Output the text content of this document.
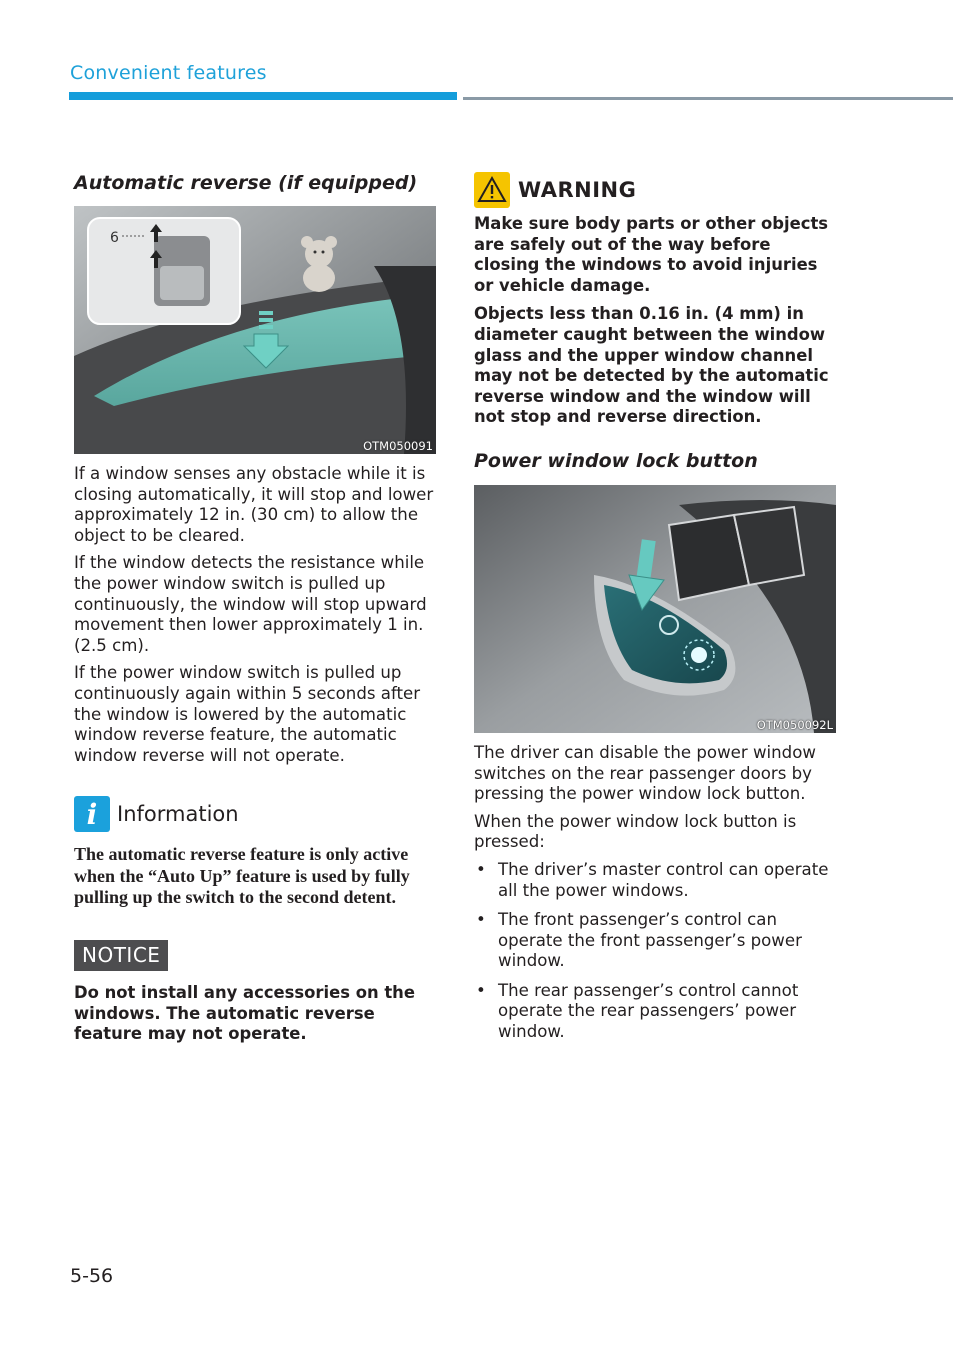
Convenient features
Automatic reverse (if equipped)
6
OTM050091

If a window senses any obstacle while it is closing automatically, it will stop and lower approximately 12 in. (30 cm) to allow the object to be cleared.

If the window detects the resistance while the power window switch is pulled up continuously, the window will stop upward movement then lower approximately 1 in. (2.5 cm).

If the power window switch is pulled up continuously again within 5 seconds after the window is lowered by the automatic window reverse feature, the automatic window reverse will not operate.

i Information

The automatic reverse feature is only active when the “Auto Up” feature is used by fully pulling up the switch to the second detent.

NOTICE

Do not install any accessories on the windows. The automatic reverse feature may not operate.

WARNING

Make sure body parts or other objects are safely out of the way before closing the windows to avoid injuries or vehicle damage.

Objects less than 0.16 in. (4 mm) in diameter caught between the window glass and the upper window channel may not be detected by the automatic reverse window and the window will not stop and reverse direction.

Power window lock button
OTM050092L

The driver can disable the power window switches on the rear passenger doors by pressing the power window lock button.

When the power window lock button is pressed:

• The driver’s master control can operate all the power windows.
• The front passenger’s control can operate the front passenger’s power window.
• The rear passenger’s control cannot operate the rear passengers’ power window.
5-56
